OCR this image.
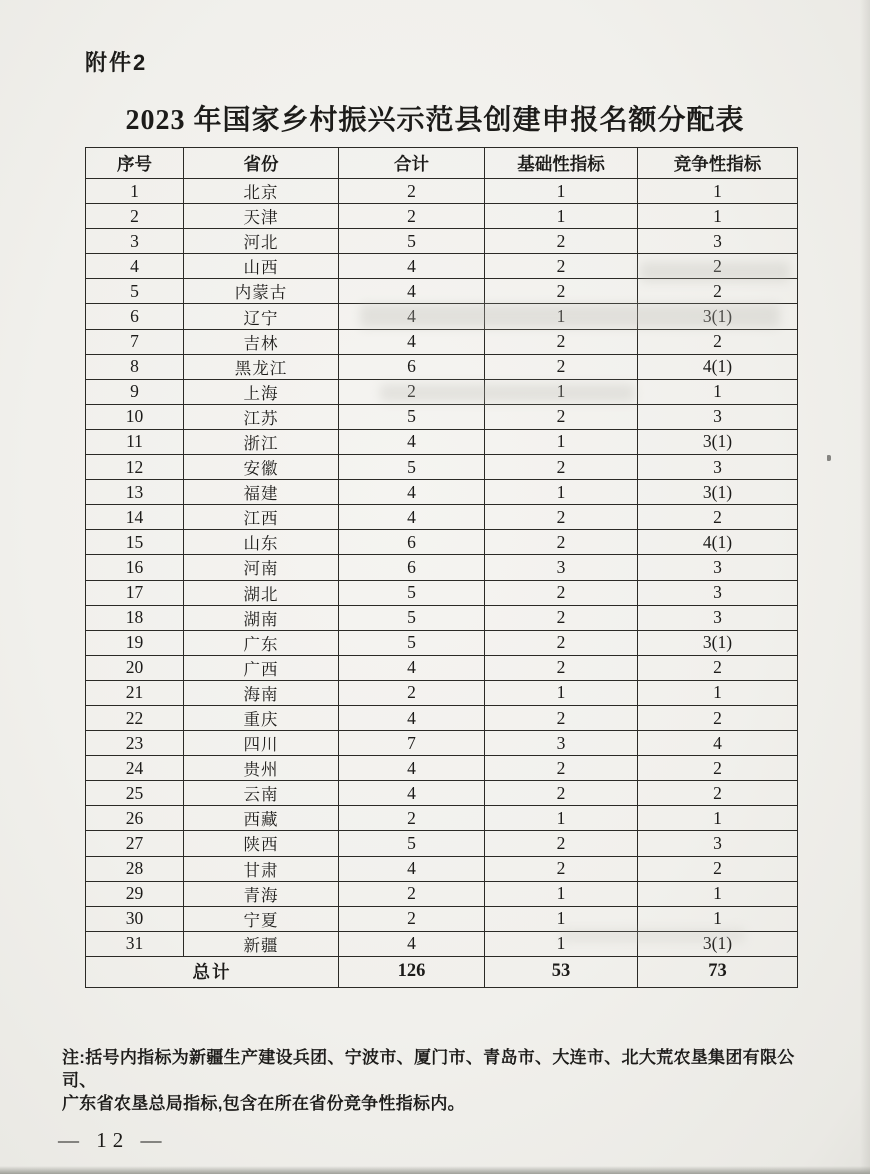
附件2
2023 年国家乡村振兴示范县创建申报名额分配表
序号	省份	合计	基础性指标	竞争性指标
1	北京	2	1	1
2	天津	2	1	1
3	河北	5	2	3
4	山西	4	2	2
5	内蒙古	4	2	2
6	辽宁	4	1	3(1)
7	吉林	4	2	2
8	黑龙江	6	2	4(1)
9	上海	2	1	1
10	江苏	5	2	3
11	浙江	4	1	3(1)
12	安徽	5	2	3
13	福建	4	1	3(1)
14	江西	4	2	2
15	山东	6	2	4(1)
16	河南	6	3	3
17	湖北	5	2	3
18	湖南	5	2	3
19	广东	5	2	3(1)
20	广西	4	2	2
21	海南	2	1	1
22	重庆	4	2	2
23	四川	7	3	4
24	贵州	4	2	2
25	云南	4	2	2
26	西藏	2	1	1
27	陕西	5	2	3
28	甘肃	4	2	2
29	青海	2	1	1
30	宁夏	2	1	1
31	新疆	4	1	3(1)
总计		126	53	73
注:括号内指标为新疆生产建设兵团、宁波市、厦门市、青岛市、大连市、北大荒农垦集团有限公司、
广东省农垦总局指标,包含在所在省份竞争性指标内。
— 12 —
